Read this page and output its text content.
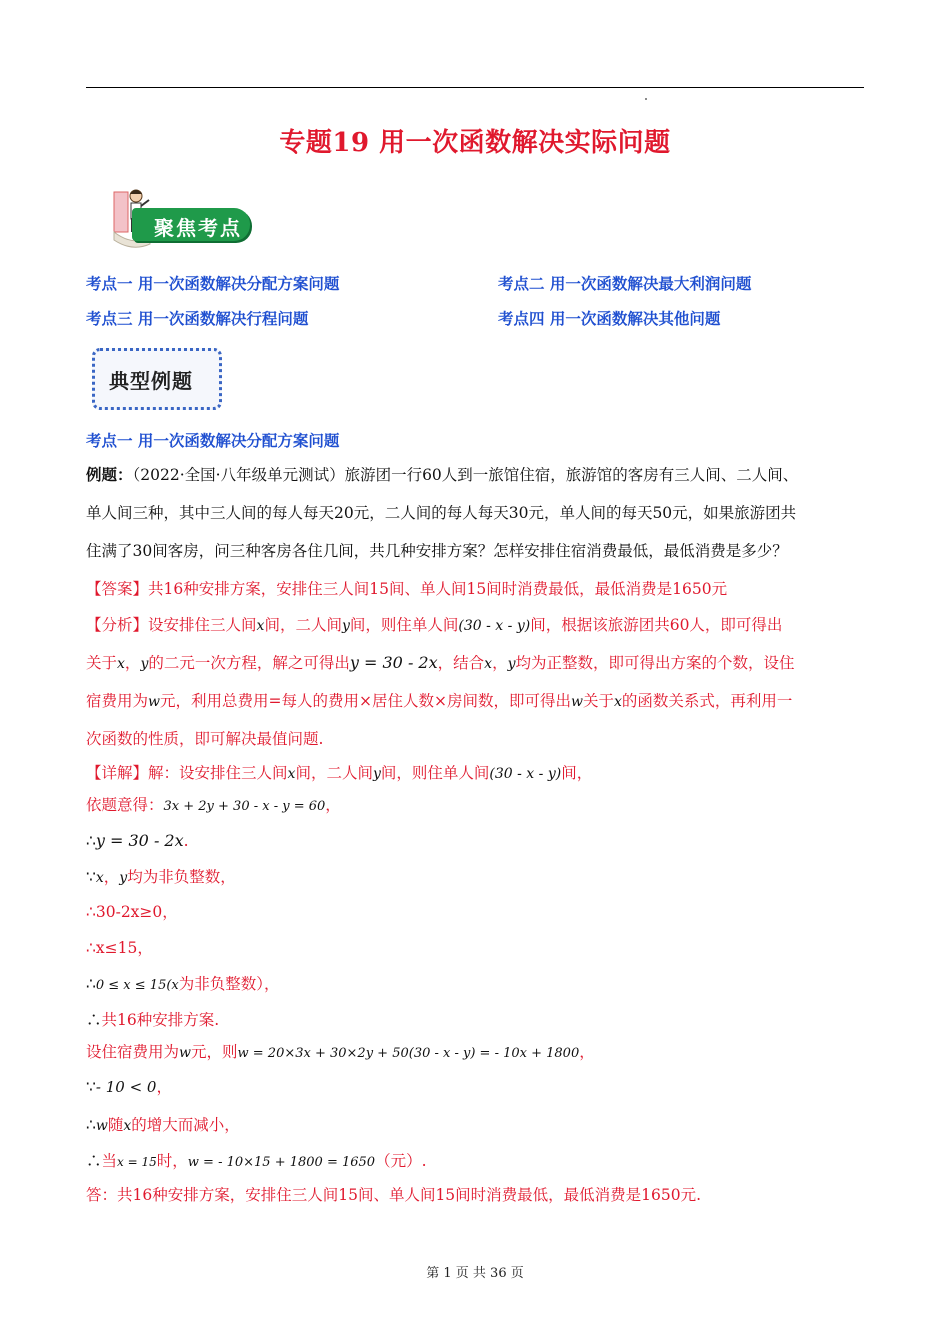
专题19 用一次函数解决实际问题
聚焦考点
考点一 用一次函数解决分配方案问题	考点二 用一次函数解决最大利润问题
考点三 用一次函数解决行程问题	考点四 用一次函数解决其他问题
典型例题
考点一 用一次函数解决分配方案问题
例题：（2022·全国·八年级单元测试）旅游团一行60人到一旅馆住宿，旅游馆的客房有三人间、二人间、
单人间三种，其中三人间的每人每天20元，二人间的每人每天30元，单人间的每天50元，如果旅游团共
住满了30间客房，问三种客房各住几间，共几种安排方案？怎样安排住宿消费最低，最低消费是多少？
【答案】共16种安排方案，安排住三人间15间、单人间15间时消费最低，最低消费是1650元
【分析】设安排住三人间x间，二人间y间，则住单人间(30 - x - y)间，根据该旅游团共60人，即可得出
关于x，y的二元一次方程，解之可得出y = 30 - 2x，结合x，y均为正整数，即可得出方案的个数，设住
宿费用为w元，利用总费用=每人的费用×居住人数×房间数，即可得出w关于x的函数关系式，再利用一
次函数的性质，即可解决最值问题.
【详解】解：设安排住三人间x间，二人间y间，则住单人间(30 - x - y)间，
依题意得：3x + 2y + 30 - x - y = 60，
∴y = 30 - 2x.
∵x，y均为非负整数，
∴30-2x≥0，
∴x≤15，
∴0 ≤ x ≤ 15(x为非负整数），
∴共16种安排方案.
设住宿费用为w元，则w = 20×3x + 30×2y + 50(30 - x - y) = - 10x + 1800，
∵- 10 < 0，
∴w随x的增大而减小，
∴当x = 15时，w = - 10×15 + 1800 = 1650（元）.
答：共16种安排方案，安排住三人间15间、单人间15间时消费最低，最低消费是1650元.
第 1 页 共 36 页
